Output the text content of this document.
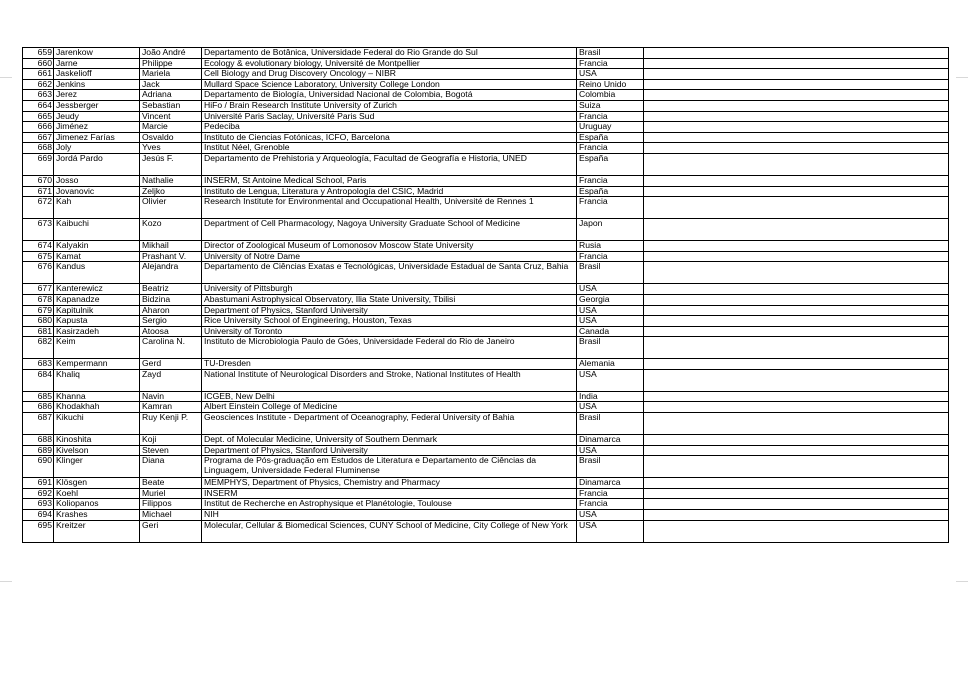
659	Jarenkow	João André	Departamento de Botânica, Universidade Federal do Rio Grande do Sul	Brasil	
660	Jarne	Philippe	Ecology & evolutionary biology, Université de Montpellier	Francia	
661	Jaskelioff	Mariela	Cell Biology and Drug Discovery Oncology – NIBR	USA	
662	Jenkins	Jack	Mullard Space Science Laboratory, University College London	Reino Unido	
663	Jerez	Adriana	Departamento de Biología, Universidad Nacional de Colombia, Bogotá	Colombia	
664	Jessberger	Sebastian	HiFo / Brain Research Institute University of Zurich	Suiza	
665	Jeudy	Vincent	Université Paris Saclay, Université Paris Sud	Francia	
666	Jiménez	Marcie	Pedeciba	Uruguay	
667	Jimenez Farías	Osvaldo	Instituto de Ciencias Fotónicas, ICFO, Barcelona	España	
668	Joly	Yves	Institut Néel, Grenoble	Francia	
669	Jordá Pardo	Jesús F.	Departamento de Prehistoria y Arqueología, Facultad de Geografía e Historia, UNED	España	
670	Josso	Nathalie	INSERM, St Antoine Medical School, Paris	Francia	
671	Jovanovic	Zeljko	Instituto de Lengua, Literatura y Antropología del CSIC, Madrid	España	
672	Kah	Olivier	Research Institute for Environmental and Occupational Health, Université de Rennes 1	Francia	
673	Kaibuchi	Kozo	Department of Cell Pharmacology, Nagoya University Graduate School of Medicine	Japon	
674	Kalyakin	Mikhail	Director of Zoological Museum of Lomonosov Moscow State University	Rusia	
675	Kamat	Prashant V.	University of Notre Dame	Francia	
676	Kandus	Alejandra	Departamento de Ciências Exatas e Tecnológicas, Universidade Estadual de Santa Cruz, Bahia	Brasil	
677	Kanterewicz	Beatriz	University of Pittsburgh	USA	
678	Kapanadze	Bidzina	Abastumani Astrophysical Observatory, Ilia State University, Tbilisi	Georgia	
679	Kapitulnik	Aharon	Department of Physics, Stanford University	USA	
680	Kapusta	Sergio	Rice University School of Engineering, Houston, Texas	USA	
681	Kasirzadeh	Atoosa	University of Toronto	Canada	
682	Keim	Carolina N.	Instituto de Microbiologia Paulo de Góes, Universidade Federal do Rio de Janeiro	Brasil	
683	Kempermann	Gerd	TU-Dresden	Alemania	
684	Khaliq	Zayd	National Institute of Neurological Disorders and Stroke, National Institutes of Health	USA	
685	Khanna	Navin	ICGEB, New Delhi	India	
686	Khodakhah	Kamran	Albert Einstein College of Medicine	USA	
687	Kikuchi	Ruy Kenji P.	Geosciences Institute - Department of Oceanography, Federal University of Bahia	Brasil	
688	Kinoshita	Koji	Dept. of Molecular Medicine, University of Southern Denmark	Dinamarca	
689	Kivelson	Steven	Department of Physics, Stanford University	USA	
690	Klinger	Diana	Programa de Pós-graduação em Estudos de Literatura e Departamento de Ciências da Linguagem, Universidade Federal Fluminense	Brasil	
691	Klösgen	Beate	MEMPHYS, Department of Physics, Chemistry and Pharmacy	Dinamarca	
692	Koehl	Muriel	INSERM	Francia	
693	Koliopanos	Filippos	Institut de Recherche en Astrophysique et Planétologie, Toulouse	Francia	
694	Krashes	Michael	NIH	USA	
695	Kreitzer	Geri	Molecular, Cellular & Biomedical Sciences, CUNY School of Medicine, City College of New York	USA	
